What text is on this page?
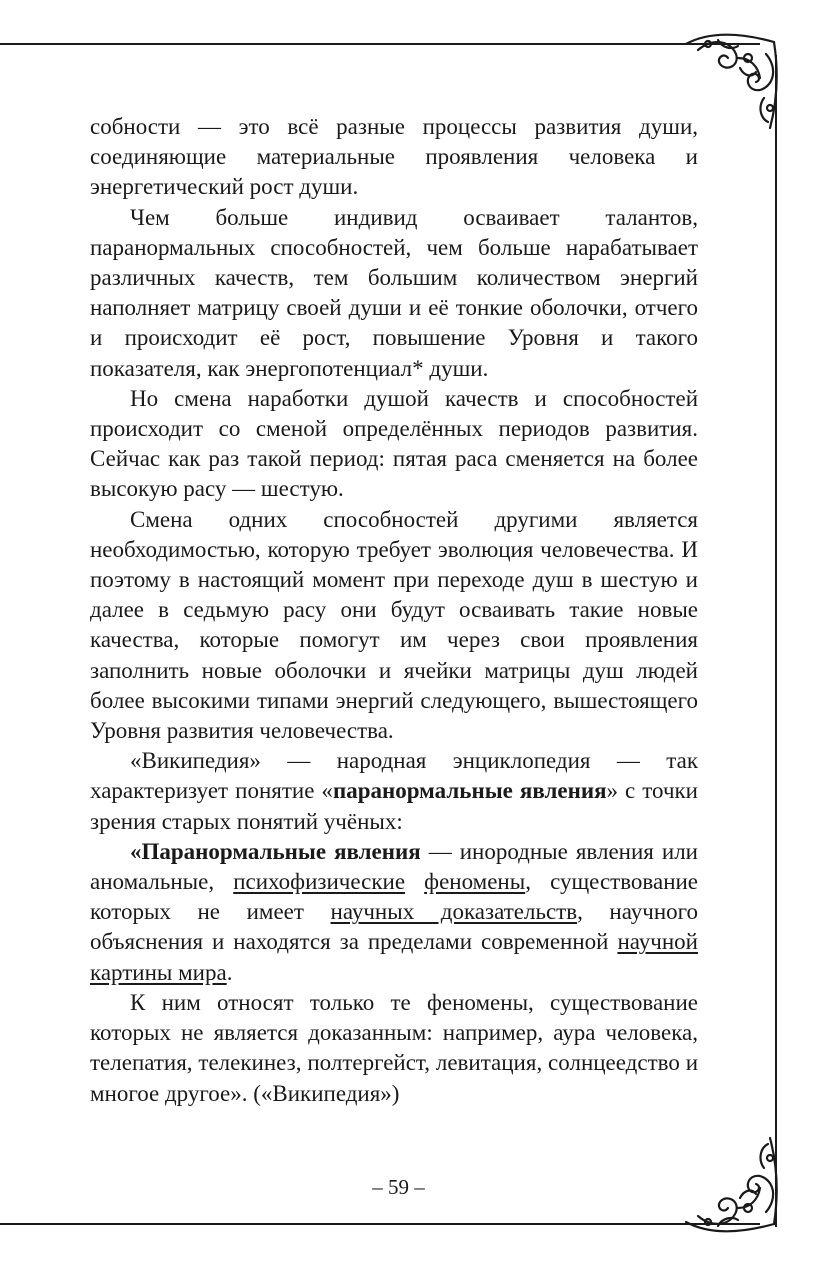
собности — это всё разные процессы развития души, соединяющие материальные проявления человека и энергетический рост души.

Чем больше индивид осваивает талантов, паранормальных способностей, чем больше нарабатывает различных качеств, тем большим количеством энергий наполняет матрицу своей души и её тонкие оболочки, отчего и происходит её рост, повышение Уровня и такого показателя, как энергопотенциал* души.

Но смена наработки душой качеств и способностей происходит со сменой определённых периодов развития. Сейчас как раз такой период: пятая раса сменяется на более высокую расу — шестую.

Смена одних способностей другими является необходимостью, которую требует эволюция человечества. И поэтому в настоящий момент при переходе душ в шестую и далее в седьмую расу они будут осваивать такие новые качества, которые помогут им через свои проявления заполнить новые оболочки и ячейки матрицы душ людей более высокими типами энергий следующего, вышестоящего Уровня развития человечества.

«Википедия» — народная энциклопедия — так характеризует понятие «паранормальные явления» с точки зрения старых понятий учёных:

«Паранормальные явления — инородные явления или аномальные, психофизические феномены, существование которых не имеет научных доказательств, научного объяснения и находятся за пределами современной научной картины мира.

К ним относят только те феномены, существование которых не является доказанным: например, аура человека, телепатия, телекинез, полтергейст, левитация, солнцеедство и многое другое». («Википедия»)

– 59 –
